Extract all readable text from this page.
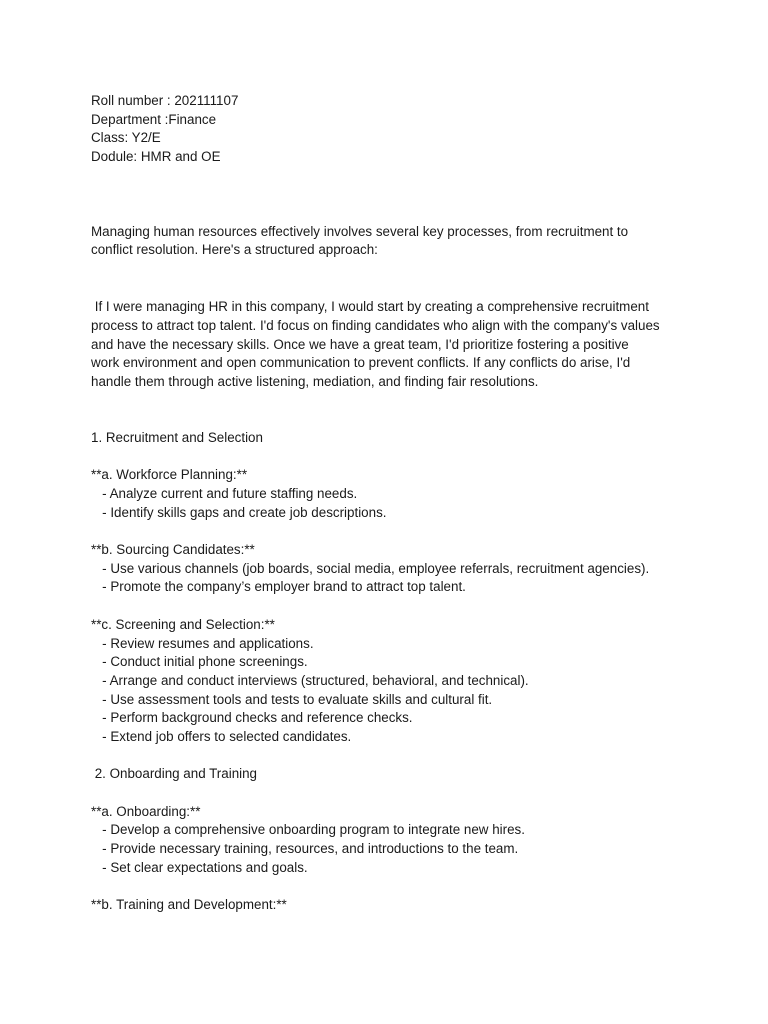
Roll number : 202111107

Department :Finance

Class: Y2/E

Dodule: HMR and OE

Managing human resources effectively involves several key processes, from recruitment to

conflict resolution. Here's a structured approach:

If I were managing HR in this company, I would start by creating a comprehensive recruitment

process to attract top talent. I'd focus on finding candidates who align with the company's values

and have the necessary skills. Once we have a great team, I'd prioritize fostering a positive

work environment and open communication to prevent conflicts. If any conflicts do arise, I'd

handle them through active listening, mediation, and finding fair resolutions.

1. Recruitment and Selection

**a. Workforce Planning:**

- Analyze current and future staffing needs.

- Identify skills gaps and create job descriptions.

**b. Sourcing Candidates:**

- Use various channels (job boards, social media, employee referrals, recruitment agencies).

- Promote the company’s employer brand to attract top talent.

**c. Screening and Selection:**

- Review resumes and applications.

- Conduct initial phone screenings.

- Arrange and conduct interviews (structured, behavioral, and technical).

- Use assessment tools and tests to evaluate skills and cultural fit.

- Perform background checks and reference checks.

- Extend job offers to selected candidates.

2. Onboarding and Training

**a. Onboarding:**

- Develop a comprehensive onboarding program to integrate new hires.

- Provide necessary training, resources, and introductions to the team.

- Set clear expectations and goals.

**b. Training and Development:**
